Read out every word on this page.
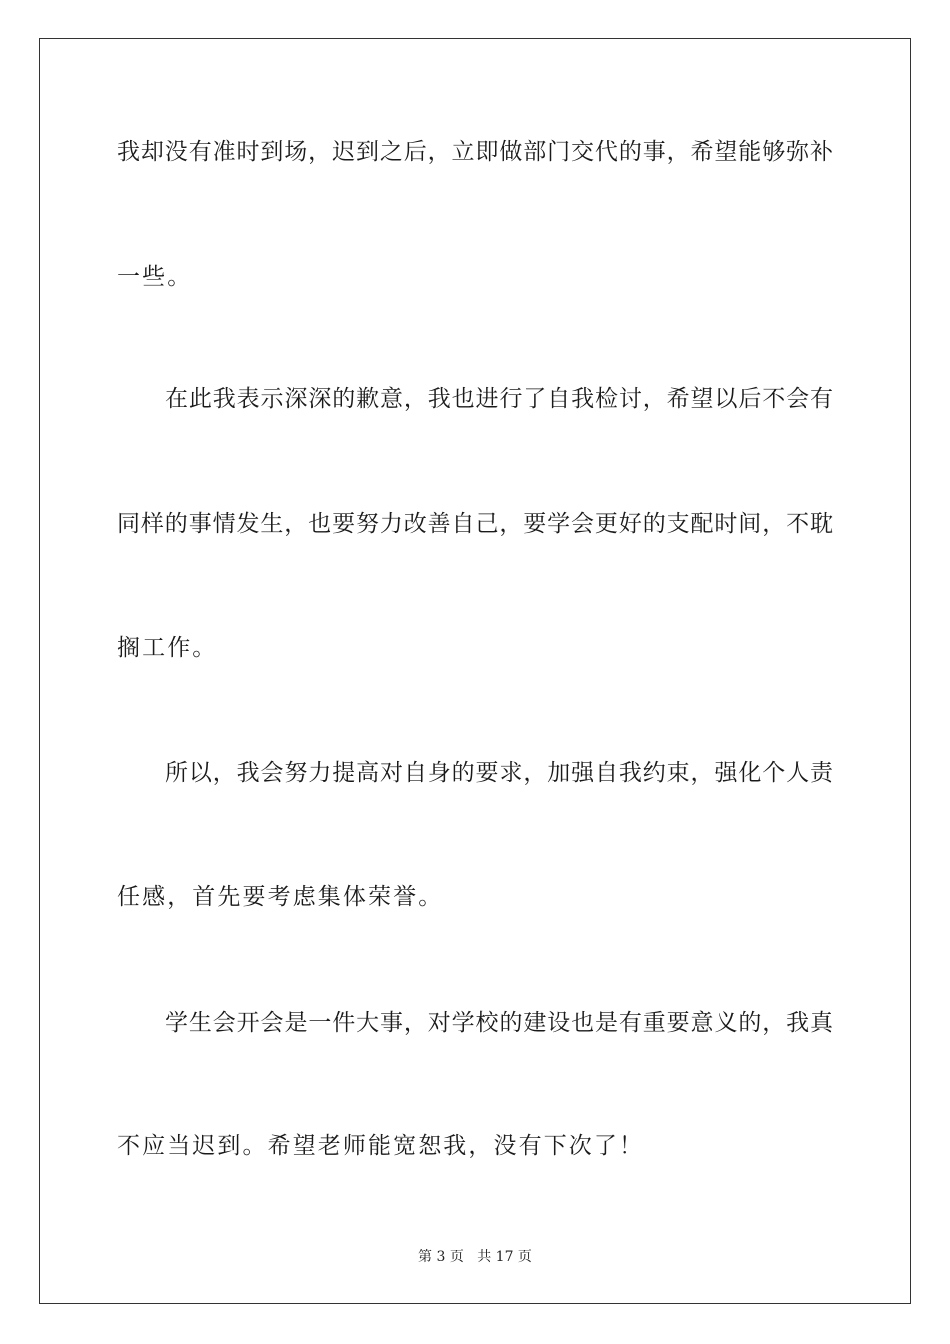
我却没有准时到场，迟到之后，立即做部门交代的事，希望能够弥补
一些。
在此我表示深深的歉意，我也进行了自我检讨，希望以后不会有
同样的事情发生，也要努力改善自己，要学会更好的支配时间，不耽
搁工作。
所以，我会努力提高对自身的要求，加强自我约束，强化个人责
任感，首先要考虑集体荣誉。
学生会开会是一件大事，对学校的建设也是有重要意义的，我真
不应当迟到。希望老师能宽恕我，没有下次了！
第 3 页 共 17 页
